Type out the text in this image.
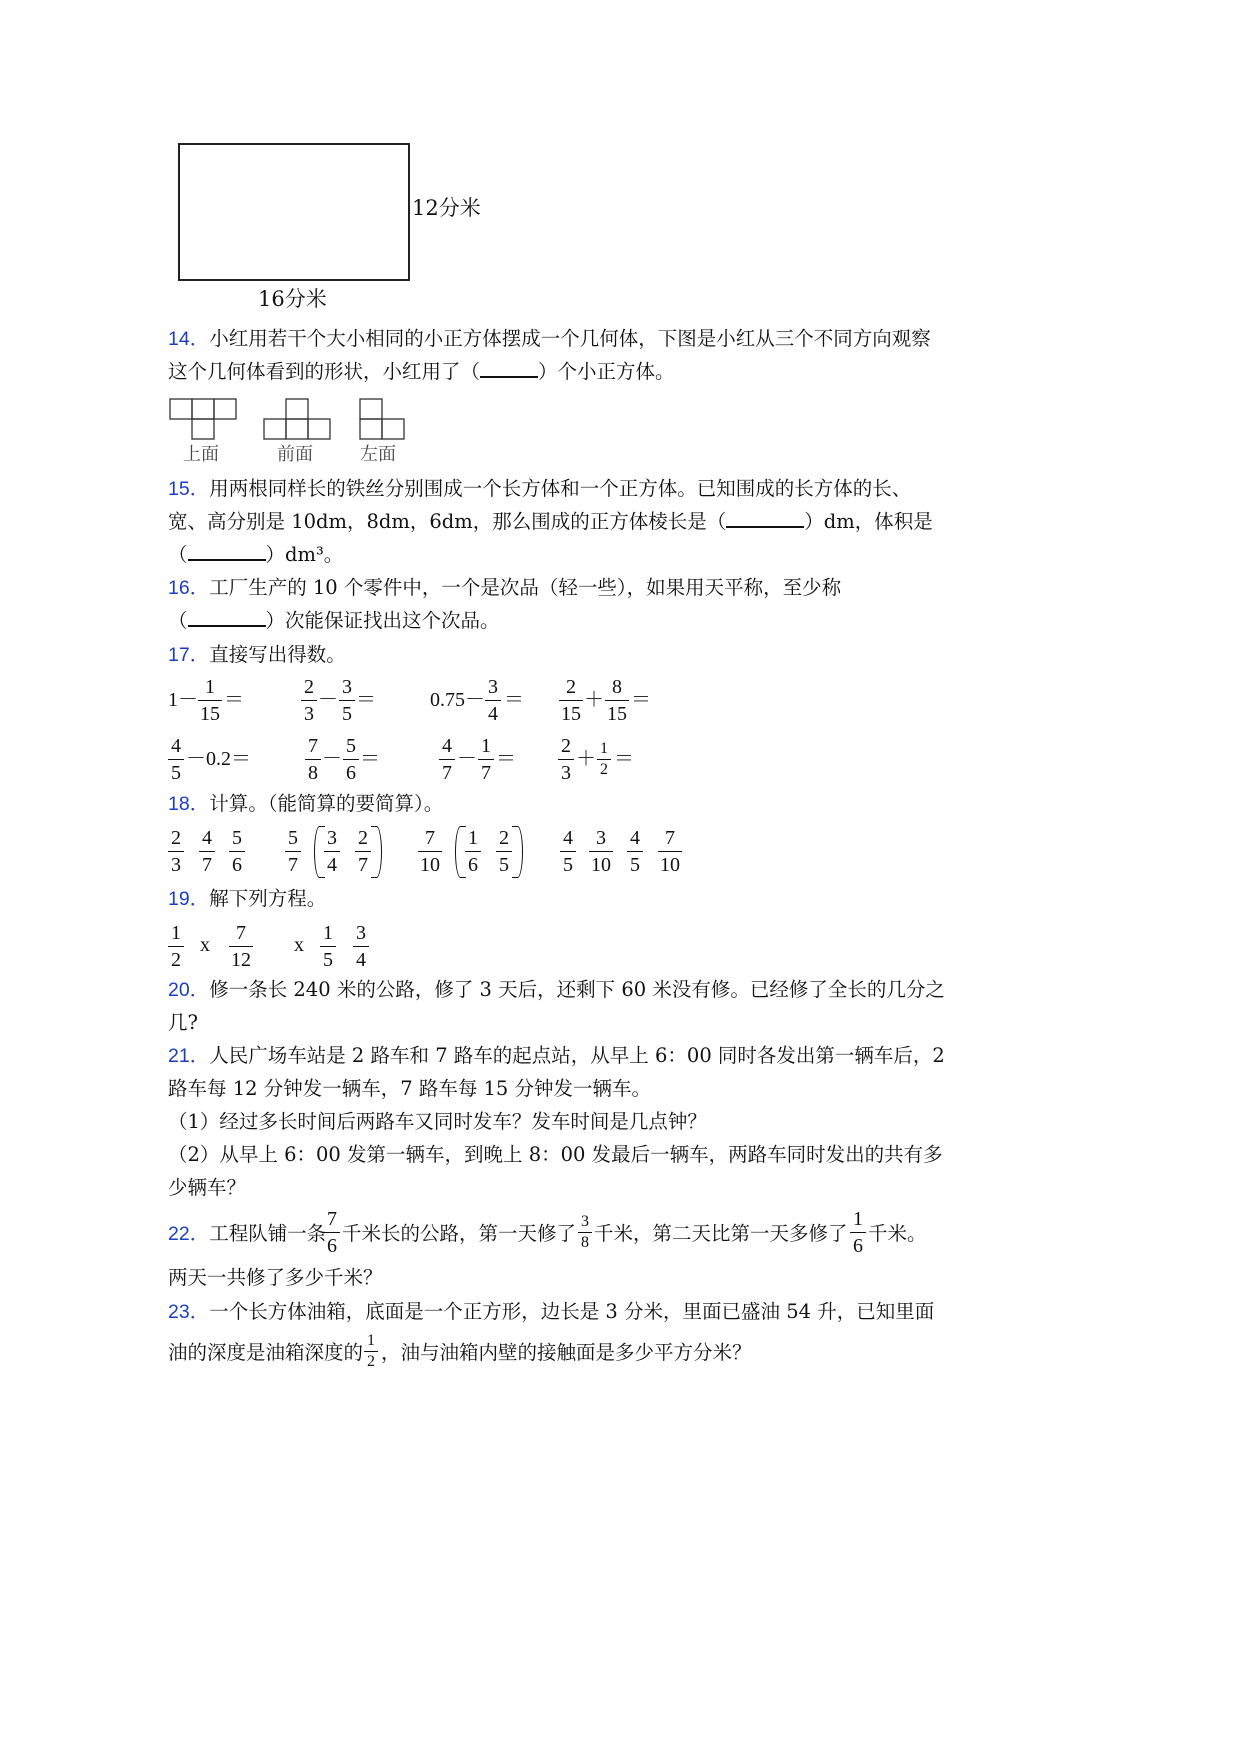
12分米
16分米
14．小红用若干个大小相同的小正方体摆成一个几何体，下图是小红从三个不同方向观察
这个几何体看到的形状，小红用了（	）个小正方体。
上面	前面	左面
15．用两根同样长的铁丝分别围成一个长方体和一个正方体。已知围成的长方体的长、
宽、高分别是 10dm，8dm，6dm，那么围成的正方体棱长是（	）dm，体积是
（	）dm³。
16．工厂生产的 10 个零件中，一个是次品（轻一些），如果用天平称，至少称
（	）次能保证找出这个次品。
17．直接写出得数。
1－
1
15
＝
2
3
－
3
5
＝	0.75－
3
4
＝
2
15
＋
8
15
＝
4
5
－0.2＝
7
8
－
5
6
＝
4
7
－
1
7
＝
2
3
＋ 1
2 ＝
18．计算。（能简算的要简算）。
2
3
4
7
5
6
5
7
3
4
2
7
7
10
1
6
2
5
4
5
3
10
4
5
7
10
19．解下列方程。
1
2
x
7
12
x
1
5
3
4
20．修一条长 240 米的公路，修了 3 天后，还剩下 60 米没有修。已经修了全长的几分之
几?
21．人民广场车站是 2 路车和 7 路车的起点站，从早上 6：00 同时各发出第一辆车后，2
路车每 12 分钟发一辆车，7 路车每 15 分钟发一辆车。
（1）经过多长时间后两路车又同时发车？发车时间是几点钟？
（2）从早上 6：00 发第一辆车，到晚上 8：00 发最后一辆车，两路车同时发出的共有多
少辆车？
22．工程队铺一条
7
6
千米长的公路，第一天修了
3
8 千米，第二天比第一天多修了
1
6
千米。
两天一共修了多少千米？
23．一个长方体油箱，底面是一个正方形，边长是 3 分米，里面已盛油 54 升，已知里面
油的深度是油箱深度的
1
2 ，油与油箱内壁的接触面是多少平方分米？
